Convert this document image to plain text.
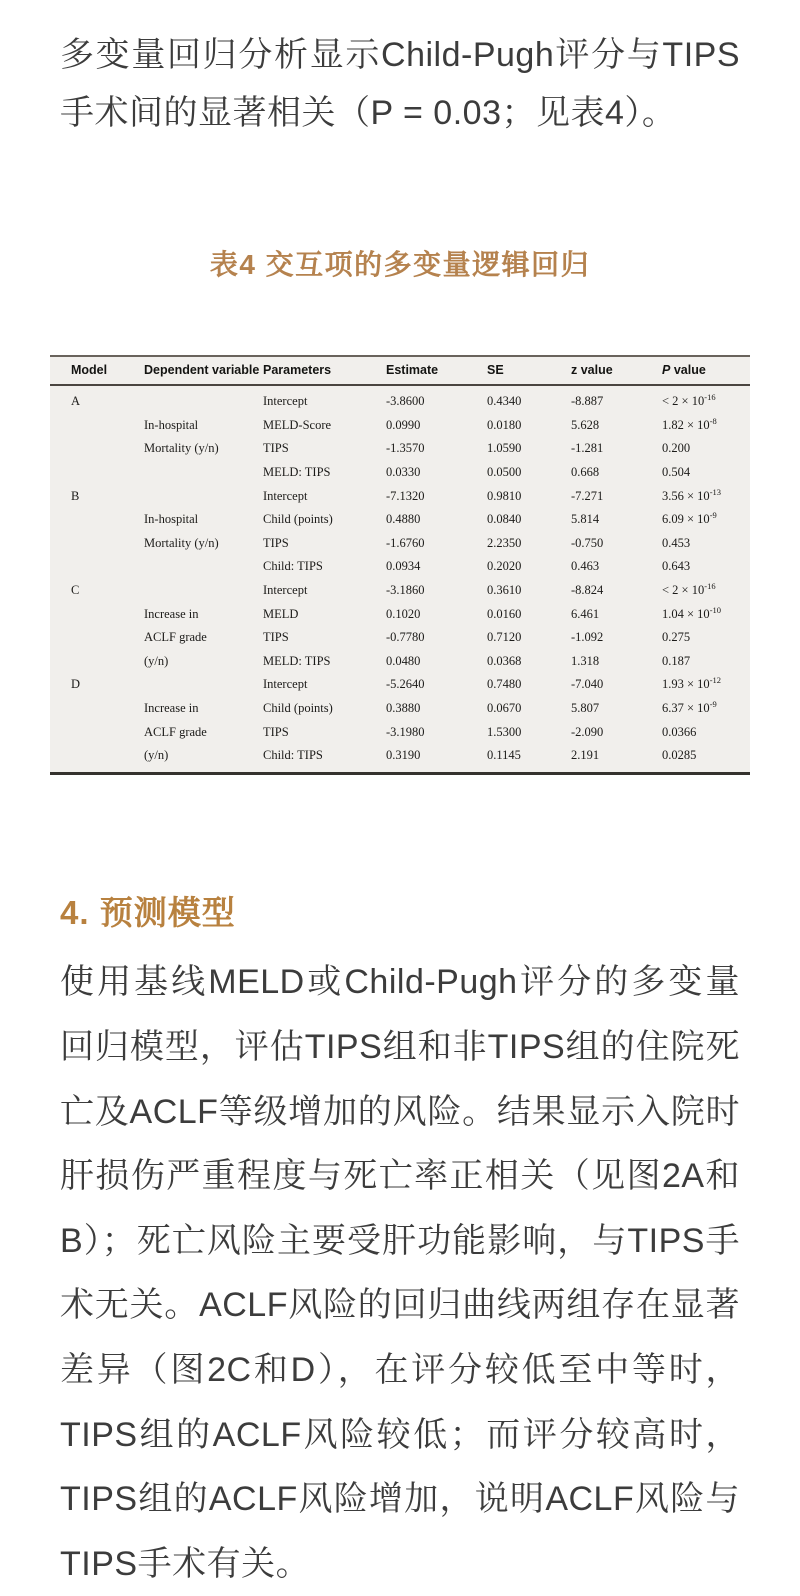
多变量回归分析显示Child-Pugh评分与TIPS手术间的显著相关（P = 0.03；见表4）。

表4 交互项的多变量逻辑回归
Model	Dependent variable	Parameters	Estimate	SE	z value	P value
A		Intercept	-3.8600	0.4340	-8.887	< $2 \times 10^{-16}$
	In-hospital	MELD-Score	0.0990	0.0180	5.628	$1.82 \times 10^{-8}$
	Mortality (y/n)	TIPS	-1.3570	1.0590	-1.281	0.200
		MELD: TIPS	0.0330	0.0500	0.668	0.504
B		Intercept	-7.1320	0.9810	-7.271	$3.56 \times 10^{-13}$
	In-hospital	Child (points)	0.4880	0.0840	5.814	$6.09 \times 10^{-9}$
	Mortality (y/n)	TIPS	-1.6760	2.2350	-0.750	0.453
		Child: TIPS	0.0934	0.2020	0.463	0.643
C		Intercept	-3.1860	0.3610	-8.824	< $2 \times 10^{-16}$
	Increase in	MELD	0.1020	0.0160	6.461	$1.04 \times 10^{-10}$
	ACLF grade	TIPS	-0.7780	0.7120	-1.092	0.275
	(y/n)	MELD: TIPS	0.0480	0.0368	1.318	0.187
D		Intercept	-5.2640	0.7480	-7.040	$1.93 \times 10^{-12}$
	Increase in	Child (points)	0.3880	0.0670	5.807	$6.37 \times 10^{-9}$
	ACLF grade	TIPS	-3.1980	1.5300	-2.090	0.0366
	(y/n)	Child: TIPS	0.3190	0.1145	2.191	0.0285
4. 预测模型

使用基线MELD或Child-Pugh评分的多变量回归模型，评估TIPS组和非TIPS组的住院死亡及ACLF等级增加的风险。结果显示入院时肝损伤严重程度与死亡率正相关（见图2A和B）；死亡风险主要受肝功能影响，与TIPS手术无关。ACLF风险的回归曲线两组存在显著差异（图2C和D），在评分较低至中等时，TIPS组的ACLF风险较低；而评分较高时，TIPS组的ACLF风险增加，说明ACLF风险与TIPS手术有关。
